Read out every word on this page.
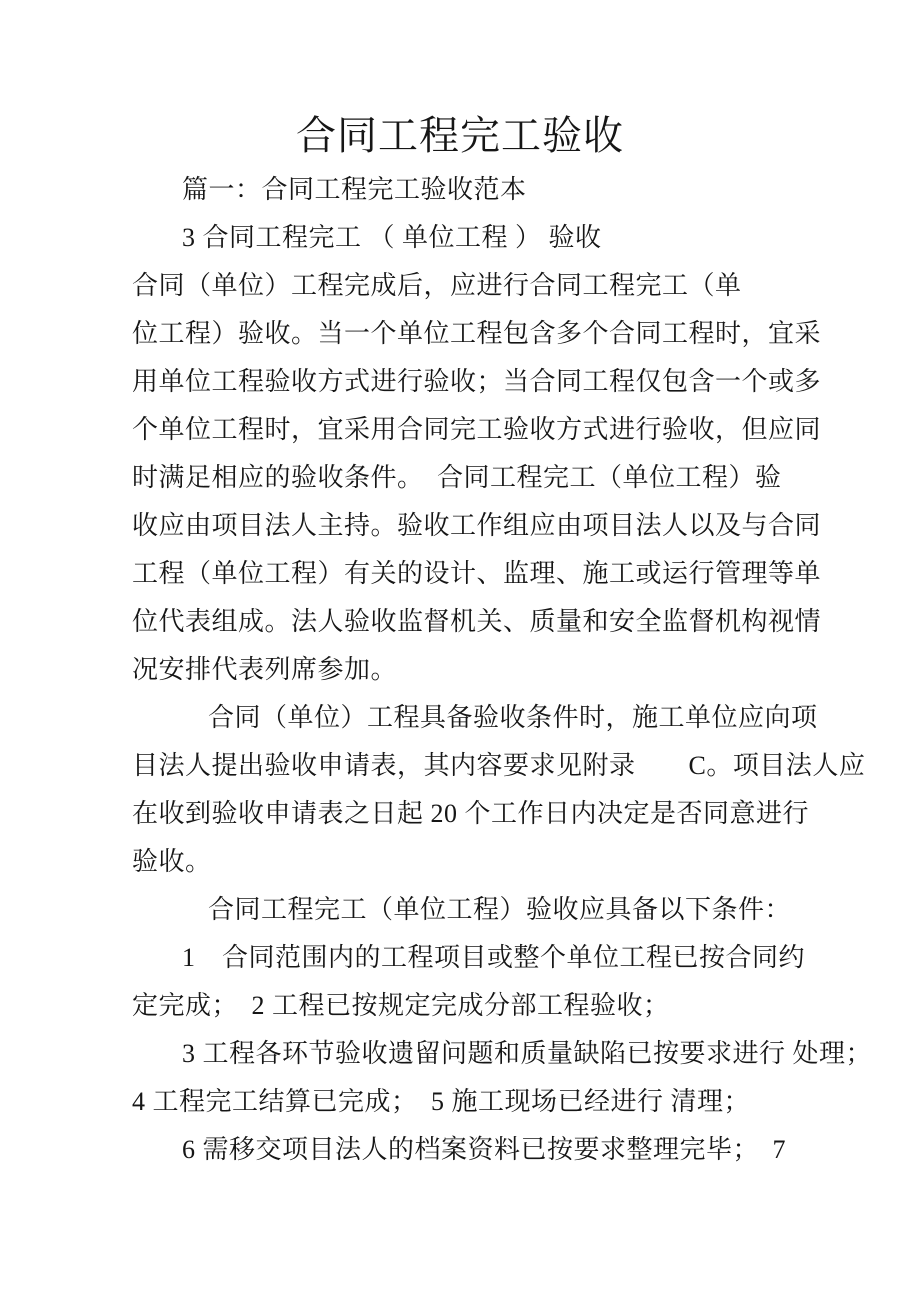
合同工程完工验收
篇一：合同工程完工验收范本
3 合同工程完工 （ 单位工程 ） 验收
合同（单位）工程完成后，应进行合同工程完工（单
位工程）验收。当一个单位工程包含多个合同工程时，宜采
用单位工程验收方式进行验收；当合同工程仅包含一个或多
个单位工程时，宜采用合同完工验收方式进行验收，但应同
时满足相应的验收条件。　合同工程完工（单位工程）验
收应由项目法人主持。验收工作组应由项目法人以及与合同
工程（单位工程）有关的设计、监理、施工或运行管理等单
位代表组成。法人验收监督机关、质量和安全监督机构视情
况安排代表列席参加。
合同（单位）工程具备验收条件时，施工单位应向项
目法人提出验收申请表，其内容要求见附录　　C。项目法人应
在收到验收申请表之日起 20 个工作日内决定是否同意进行
验收。
合同工程完工（单位工程）验收应具备以下条件：
1　合同范围内的工程项目或整个单位工程已按合同约
定完成；　2 工程已按规定完成分部工程验收；
3 工程各环节验收遗留问题和质量缺陷已按要求进行 处理；
4 工程完工结算已完成；　5 施工现场已经进行 清理；
6 需移交项目法人的档案资料已按要求整理完毕；　7
